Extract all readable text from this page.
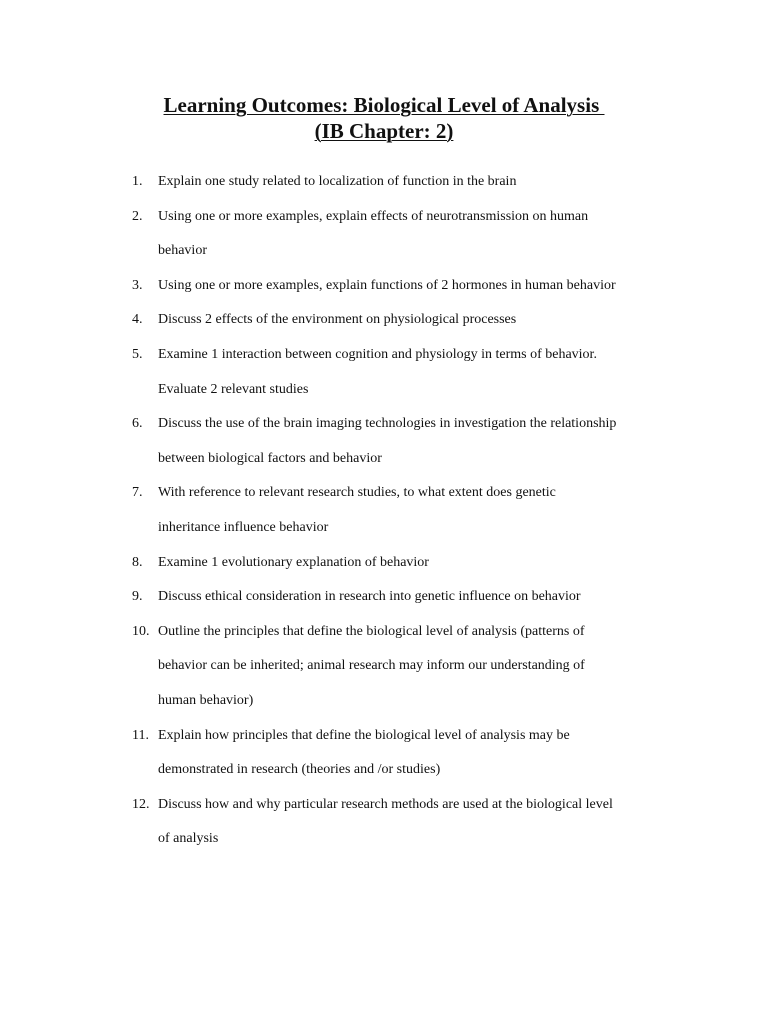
Learning Outcomes: Biological Level of Analysis
(IB Chapter: 2)
1.	Explain one study related to localization of function in the brain
2.	Using one or more examples, explain effects of neurotransmission on human
behavior
3.	Using one or more examples, explain functions of 2 hormones in human behavior
4.	Discuss 2 effects of the environment on physiological processes
5.	Examine 1 interaction between cognition and physiology in terms of behavior.
Evaluate 2 relevant studies
6.	Discuss the use of the brain imaging technologies in investigation the relationship
between biological factors and behavior
7.	With reference to relevant research studies, to what extent does genetic
inheritance influence behavior
8.	Examine 1 evolutionary explanation of behavior
9.	Discuss ethical consideration in research into genetic influence on behavior
10. Outline the principles that define the biological level of analysis (patterns of
behavior can be inherited; animal research may inform our understanding of
human behavior)
11. Explain how principles that define the biological level of analysis may be
demonstrated in research (theories and /or studies)
12. Discuss how and why particular research methods are used at the biological level
of analysis
